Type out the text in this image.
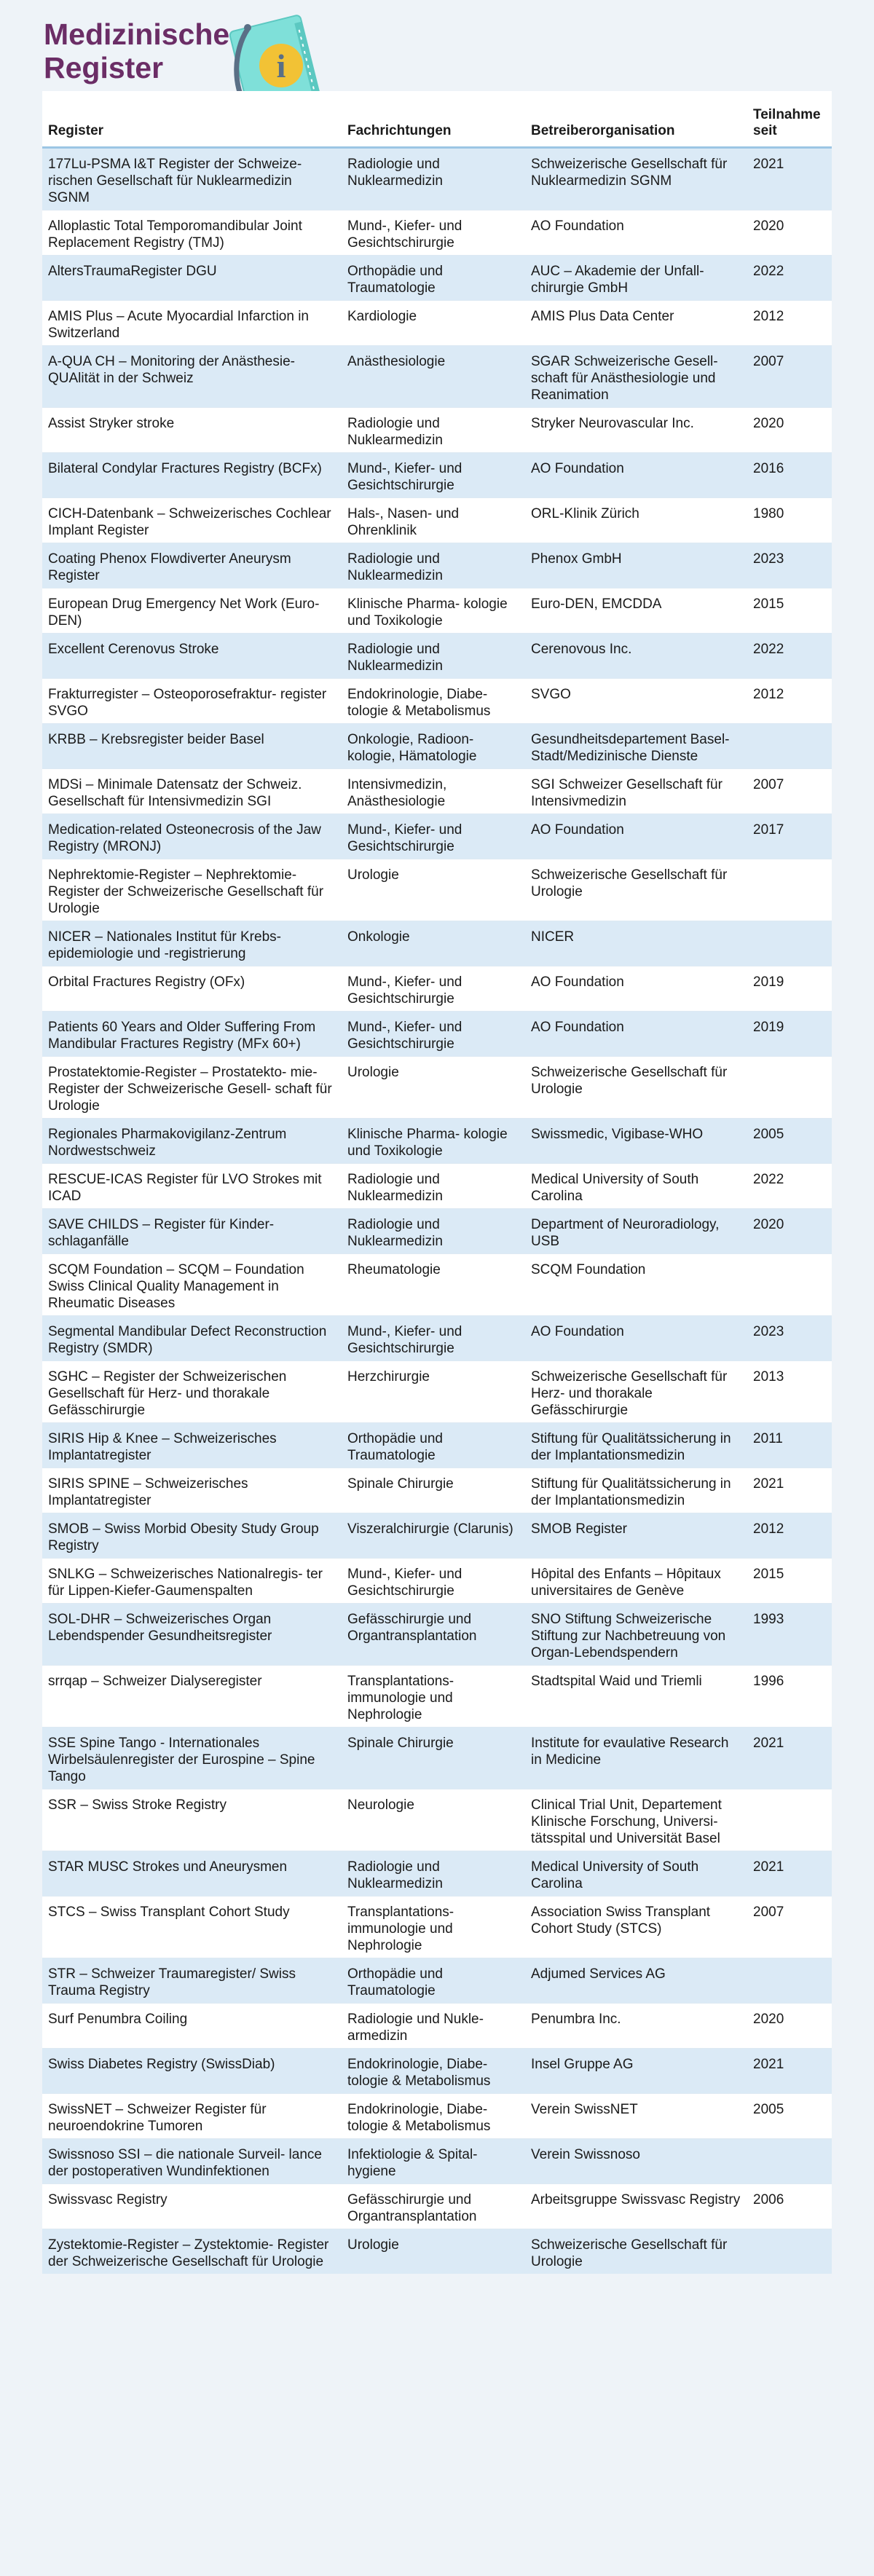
Medizinische
Register	i
Register	Fachrichtungen	Betreiberorganisation	Teilnahme seit
177Lu-PSMA I&T Register der Schweize- rischen Gesellschaft für Nuklearmedizin SGNM	Radiologie und Nuklearmedizin	Schweizerische Gesellschaft für Nuklearmedizin SGNM	2021
Alloplastic Total Temporomandibular Joint Replacement Registry (TMJ)	Mund-, Kiefer- und Gesichtschirurgie	AO Foundation	2020
AltersTraumaRegister DGU	Orthopädie und Traumatologie	AUC – Akademie der Unfall- chirurgie GmbH	2022
AMIS Plus – Acute Myocardial Infarction in Switzerland	Kardiologie	AMIS Plus Data Center	2012
A-QUA CH – Monitoring der Anästhesie- QUAlität in der Schweiz	Anästhesiologie	SGAR Schweizerische Gesell- schaft für Anästhesiologie und Reanimation	2007
Assist Stryker stroke	Radiologie und Nuklearmedizin	Stryker Neurovascular Inc.	2020
Bilateral Condylar Fractures Registry (BCFx)	Mund-, Kiefer- und Gesichtschirurgie	AO Foundation	2016
CICH-Datenbank – Schweizerisches Cochlear Implant Register	Hals-, Nasen- und Ohrenklinik	ORL-Klinik Zürich	1980
Coating Phenox Flowdiverter Aneurysm Register	Radiologie und Nuklearmedizin	Phenox GmbH	2023
European Drug Emergency Net Work (Euro-DEN)	Klinische Pharma- kologie und Toxikologie	Euro-DEN, EMCDDA	2015
Excellent Cerenovus Stroke	Radiologie und Nuklearmedizin	Cerenovous Inc.	2022
Frakturregister – Osteoporosefraktur- register SVGO	Endokrinologie, Diabe- tologie & Metabolismus	SVGO	2012
KRBB – Krebsregister beider Basel	Onkologie, Radioon- kologie, Hämatologie	Gesundheitsdepartement Basel-Stadt/Medizinische Dienste	
MDSi – Minimale Datensatz der Schweiz. Gesellschaft für Intensivmedizin SGI	Intensivmedizin, Anästhesiologie	SGI Schweizer Gesellschaft für Intensivmedizin	2007
Medication-related Osteonecrosis of the Jaw Registry (MRONJ)	Mund-, Kiefer- und Gesichtschirurgie	AO Foundation	2017
Nephrektomie-Register – Nephrektomie- Register der Schweizerische Gesellschaft für Urologie	Urologie	Schweizerische Gesellschaft für Urologie	
NICER – Nationales Institut für Krebs- epidemiologie und -registrierung	Onkologie	NICER	
Orbital Fractures Registry (OFx)	Mund-, Kiefer- und Gesichtschirurgie	AO Foundation	2019
Patients 60 Years and Older Suffering From Mandibular Fractures Registry (MFx 60+)	Mund-, Kiefer- und Gesichtschirurgie	AO Foundation	2019
Prostatektomie-Register – Prostatekto- mie-Register der Schweizerische Gesell- schaft für Urologie	Urologie	Schweizerische Gesellschaft für Urologie	
Regionales Pharmakovigilanz-Zentrum Nordwestschweiz	Klinische Pharma- kologie und Toxikologie	Swissmedic, Vigibase-WHO	2005
RESCUE-ICAS Register für LVO Strokes mit ICAD	Radiologie und Nuklearmedizin	Medical University of South Carolina	2022
SAVE CHILDS – Register für Kinder- schlaganfälle	Radiologie und Nuklearmedizin	Department of Neuroradiology, USB	2020
SCQM Foundation – SCQM – Foundation Swiss Clinical Quality Management in Rheumatic Diseases	Rheumatologie	SCQM Foundation	
Segmental Mandibular Defect Reconstruction Registry (SMDR)	Mund-, Kiefer- und Gesichtschirurgie	AO Foundation	2023
SGHC – Register der Schweizerischen Gesellschaft für Herz- und thorakale Gefässchirurgie	Herzchirurgie	Schweizerische Gesellschaft für Herz- und thorakale Gefässchirurgie	2013
SIRIS Hip & Knee – Schweizerisches Implantatregister	Orthopädie und Traumatologie	Stiftung für Qualitätssicherung in der Implantationsmedizin	2011
SIRIS SPINE – Schweizerisches Implantatregister	Spinale Chirurgie	Stiftung für Qualitätssicherung in der Implantationsmedizin	2021
SMOB – Swiss Morbid Obesity Study Group Registry	Viszeralchirurgie (Clarunis)	SMOB Register	2012
SNLKG – Schweizerisches Nationalregis- ter für Lippen-Kiefer-Gaumenspalten	Mund-, Kiefer- und Gesichtschirurgie	Hôpital des Enfants – Hôpitaux universitaires de Genève	2015
SOL-DHR – Schweizerisches Organ Lebendspender Gesundheitsregister	Gefässchirurgie und Organtransplantation	SNO Stiftung Schweizerische Stiftung zur Nachbetreuung von Organ-Lebendspendern	1993
srrqap – Schweizer Dialyseregister	Transplantations- immunologie und Nephrologie	Stadtspital Waid und Triemli	1996
SSE Spine Tango - Internationales Wirbelsäulenregister der Eurospine – Spine Tango	Spinale Chirurgie	Institute for evaulative Research in Medicine	2021
SSR – Swiss Stroke Registry	Neurologie	Clinical Trial Unit, Departement Klinische Forschung, Universi- tätsspital und Universität Basel	
STAR MUSC Strokes und Aneurysmen	Radiologie und Nuklearmedizin	Medical University of South Carolina	2021
STCS – Swiss Transplant Cohort Study	Transplantations- immunologie und Nephrologie	Association Swiss Transplant Cohort Study (STCS)	2007
STR – Schweizer Traumaregister/ Swiss Trauma Registry	Orthopädie und Traumatologie	Adjumed Services AG	
Surf Penumbra Coiling	Radiologie und Nukle- armedizin	Penumbra Inc.	2020
Swiss Diabetes Registry (SwissDiab)	Endokrinologie, Diabe- tologie & Metabolismus	Insel Gruppe AG	2021
SwissNET – Schweizer Register für neuroendokrine Tumoren	Endokrinologie, Diabe- tologie & Metabolismus	Verein SwissNET	2005
Swissnoso SSI – die nationale Surveil- lance der postoperativen Wundinfektionen	Infektiologie & Spital- hygiene	Verein Swissnoso	
Swissvasc Registry	Gefässchirurgie und Organtransplantation	Arbeitsgruppe Swissvasc Registry	2006
Zystektomie-Register – Zystektomie- Register der Schweizerische Gesellschaft für Urologie	Urologie	Schweizerische Gesellschaft für Urologie	
